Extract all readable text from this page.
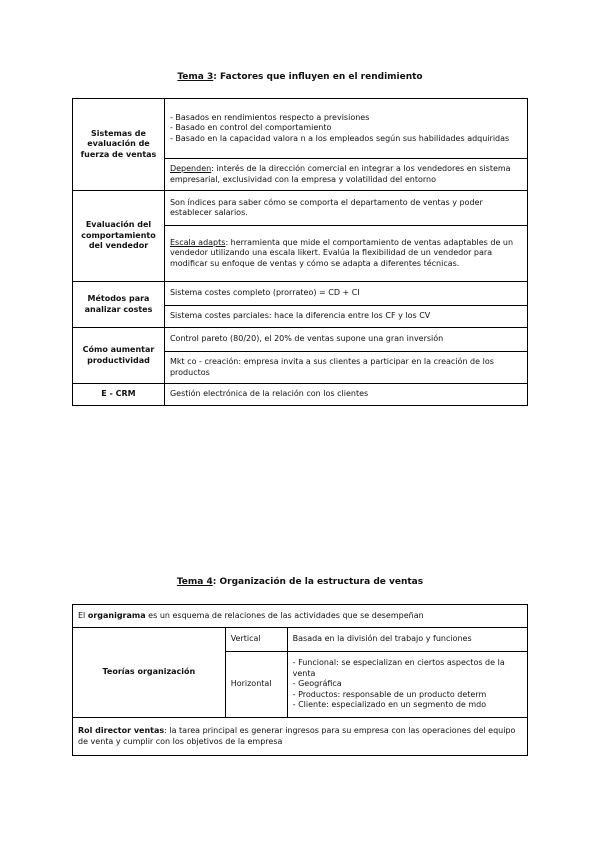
Tema 3: Factores que influyen en el rendimiento
Sistemas de evaluación de fuerza de ventas	- Basados en rendimientos respecto a previsiones
- Basado en control del comportamiento
- Basado en la capacidad valora n a los empleados según sus habilidades adquiridas

	Dependen: interés de la dirección comercial en integrar a los vendedores en sistema empresarial, exclusividad con la empresa y volatilidad del entorno
Evaluación del comportamiento del vendedor	Son índices para saber cómo se comporta el departamento de ventas y poder establecer salarios.
	Escala adapts: herramienta que mide el comportamiento de ventas adaptables de un vendedor utilizando una escala likert. Evalúa la flexibilidad de un vendedor para modificar su enfoque de ventas y cómo se adapta a diferentes técnicas.
Métodos para analizar costes	Sistema costes completo (prorrateo) = CD + CI
	Sistema costes parciales: hace la diferencia entre los CF y los CV
Cómo aumentar productividad	Control pareto (80/20), el 20% de ventas supone una gran inversión
	Mkt co - creación: empresa invita a sus clientes a participar en la creación de los productos
E - CRM	Gestión electrónica de la relación con los clientes
Tema 4: Organización de la estructura de ventas
El organigrama es un esquema de relaciones de las actividades que se desempeñan		
Teorías organización	Vertical	Basada en la división del trabajo y funciones
	Horizontal	- Funcional: se especializan en ciertos aspectos de la venta
- Geográfica
- Productos: responsable de un producto determ
- Cliente: especializado en un segmento de mdo

Rol director ventas: la tarea principal es generar ingresos para su empresa con las operaciones del equipo de venta y cumplir con los objetivos de la empresa		
